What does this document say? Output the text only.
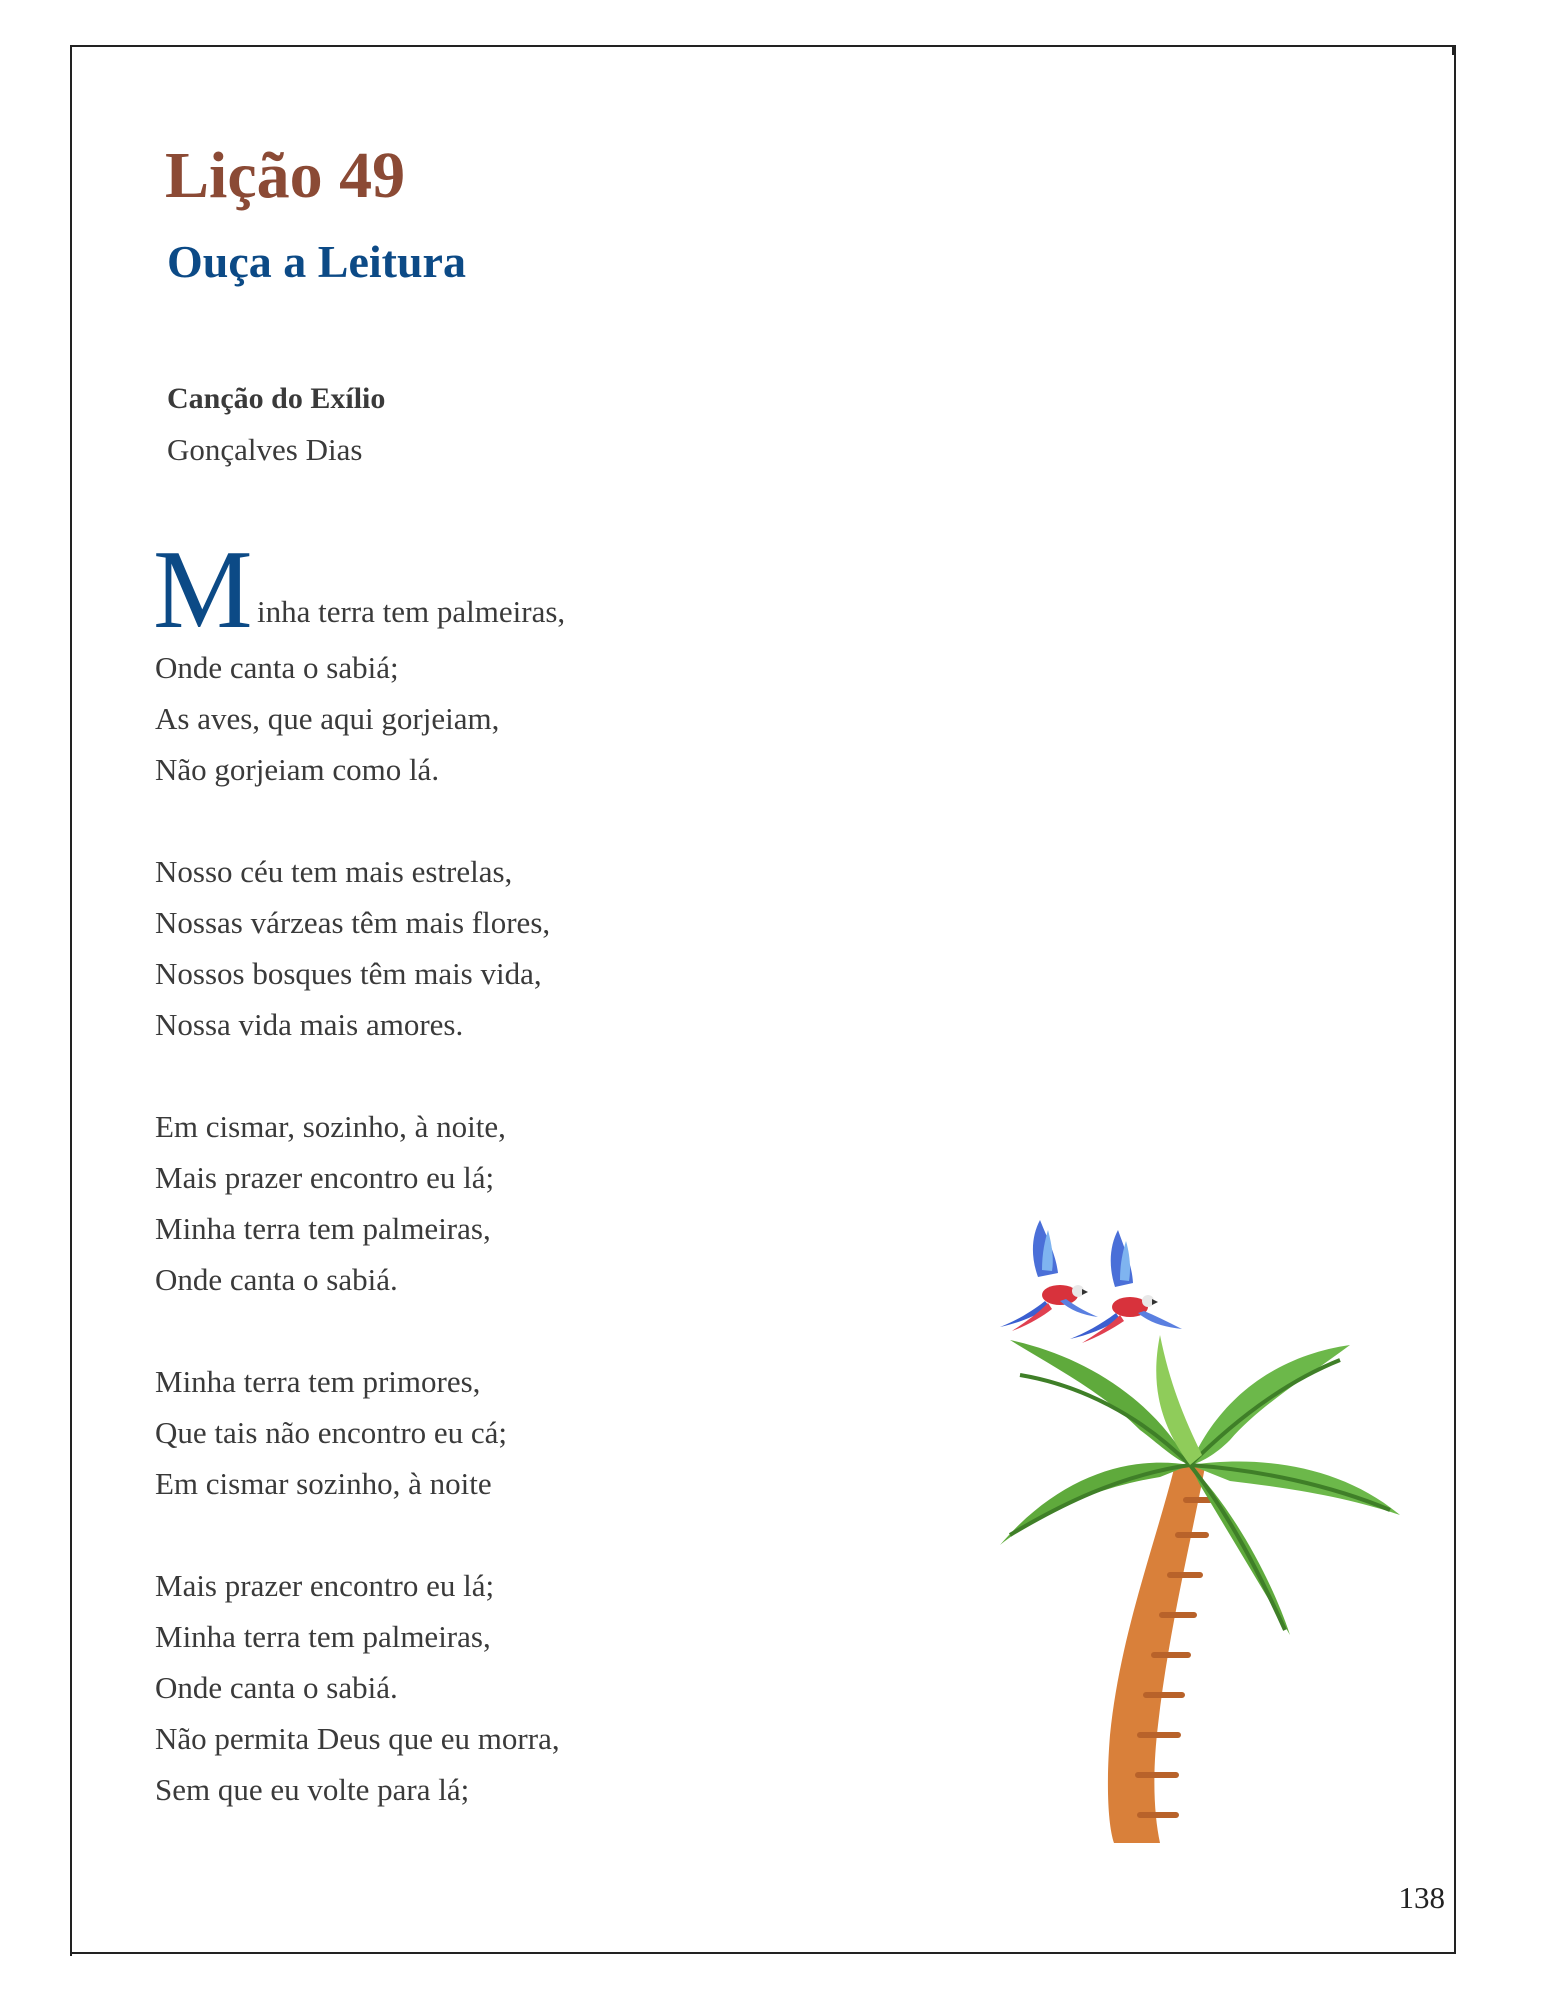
Lição 49
Ouça a Leitura

Canção do Exílio

Gonçalves Dias

M inha terra tem palmeiras,
Onde canta o sabiá;
As aves, que aqui gorjeiam,
Não gorjeiam como lá.
Nosso céu tem mais estrelas,
Nossas várzeas têm mais flores,
Nossos bosques têm mais vida,
Nossa vida mais amores.
Em cismar, sozinho, à noite,
Mais prazer encontro eu lá;
Minha terra tem palmeiras,
Onde canta o sabiá.
Minha terra tem primores,
Que tais não encontro eu cá;
Em cismar sozinho, à noite
Mais prazer encontro eu lá;
Minha terra tem palmeiras,
Onde canta o sabiá.
Não permita Deus que eu morra,
Sem que eu volte para lá;
138
